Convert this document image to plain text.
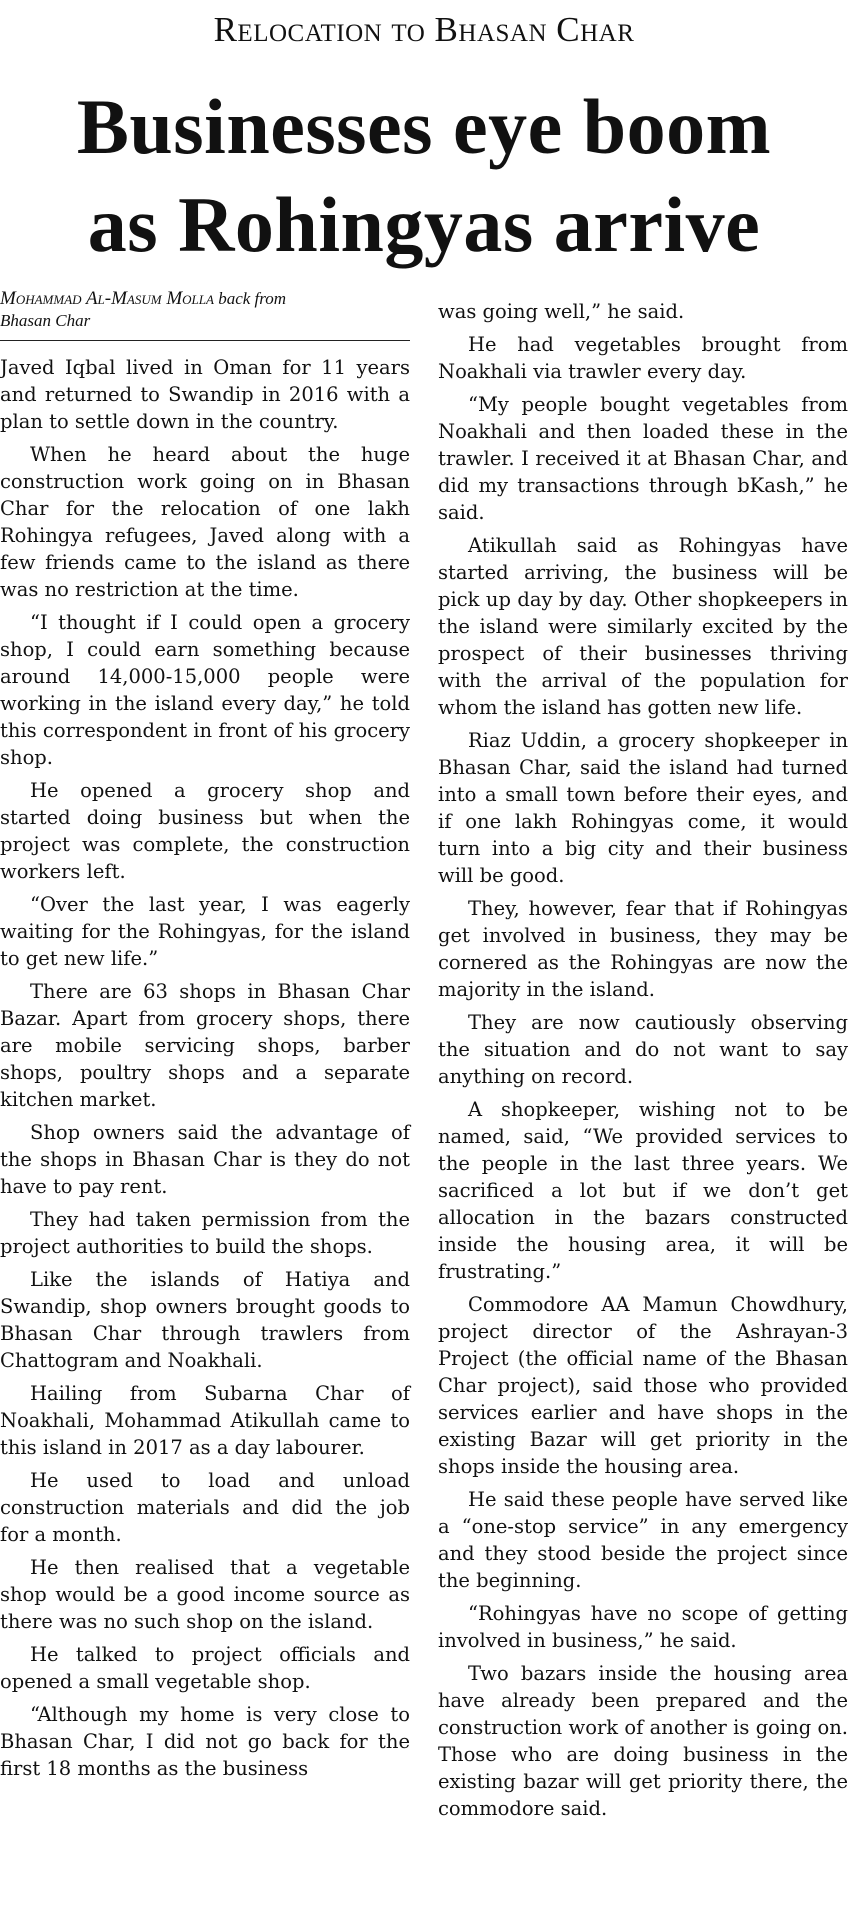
Relocation to Bhasan Char
Businesses eye boom
as Rohingyas arrive
Mohammad Al-Masum Molla back from
Bhasan Char

Javed Iqbal lived in Oman for 11 years and returned to Swandip in 2016 with a plan to settle down in the country.

When he heard about the huge construction work going on in Bhasan Char for the relocation of one lakh Rohingya refugees, Javed along with a few friends came to the island as there was no restriction at the time.

“I thought if I could open a grocery shop, I could earn something because around 14,000-15,000 people were working in the island every day,” he told this correspondent in front of his grocery shop.

He opened a grocery shop and started doing business but when the project was complete, the construction workers left.

“Over the last year, I was eagerly waiting for the Rohingyas, for the island to get new life.”

There are 63 shops in Bhasan Char Bazar. Apart from grocery shops, there are mobile servicing shops, barber shops, poultry shops and a separate kitchen market.

Shop owners said the advantage of the shops in Bhasan Char is they do not have to pay rent.

They had taken permission from the project authorities to build the shops.

Like the islands of Hatiya and Swandip, shop owners brought goods to Bhasan Char through trawlers from Chattogram and Noakhali.

Hailing from Subarna Char of Noakhali, Mohammad Atikullah came to this island in 2017 as a day labourer.

He used to load and unload construction materials and did the job for a month.

He then realised that a vegetable shop would be a good income source as there was no such shop on the island.

He talked to project officials and opened a small vegetable shop.

“Although my home is very close to Bhasan Char, I did not go back for the first 18 months as the business

was going well,” he said.

He had vegetables brought from Noakhali via trawler every day.

“My people bought vegetables from Noakhali and then loaded these in the trawler. I received it at Bhasan Char, and did my transactions through bKash,” he said.

Atikullah said as Rohingyas have started arriving, the business will be pick up day by day. Other shopkeepers in the island were similarly excited by the prospect of their businesses thriving with the arrival of the population for whom the island has gotten new life.

Riaz Uddin, a grocery shopkeeper in Bhasan Char, said the island had turned into a small town before their eyes, and if one lakh Rohingyas come, it would turn into a big city and their business will be good.

They, however, fear that if Rohingyas get involved in business, they may be cornered as the Rohingyas are now the majority in the island.

They are now cautiously observing the situation and do not want to say anything on record.

A shopkeeper, wishing not to be named, said, “We provided services to the people in the last three years. We sacrificed a lot but if we don’t get allocation in the bazars constructed inside the housing area, it will be frustrating.”

Commodore AA Mamun Chowdhury, project director of the Ashrayan-3 Project (the official name of the Bhasan Char project), said those who provided services earlier and have shops in the existing Bazar will get priority in the shops inside the housing area.

He said these people have served like a “one-stop service” in any emergency and they stood beside the project since the beginning.

“Rohingyas have no scope of getting involved in business,” he said.

Two bazars inside the housing area have already been prepared and the construction work of another is going on. Those who are doing business in the existing bazar will get priority there, the commodore said.
